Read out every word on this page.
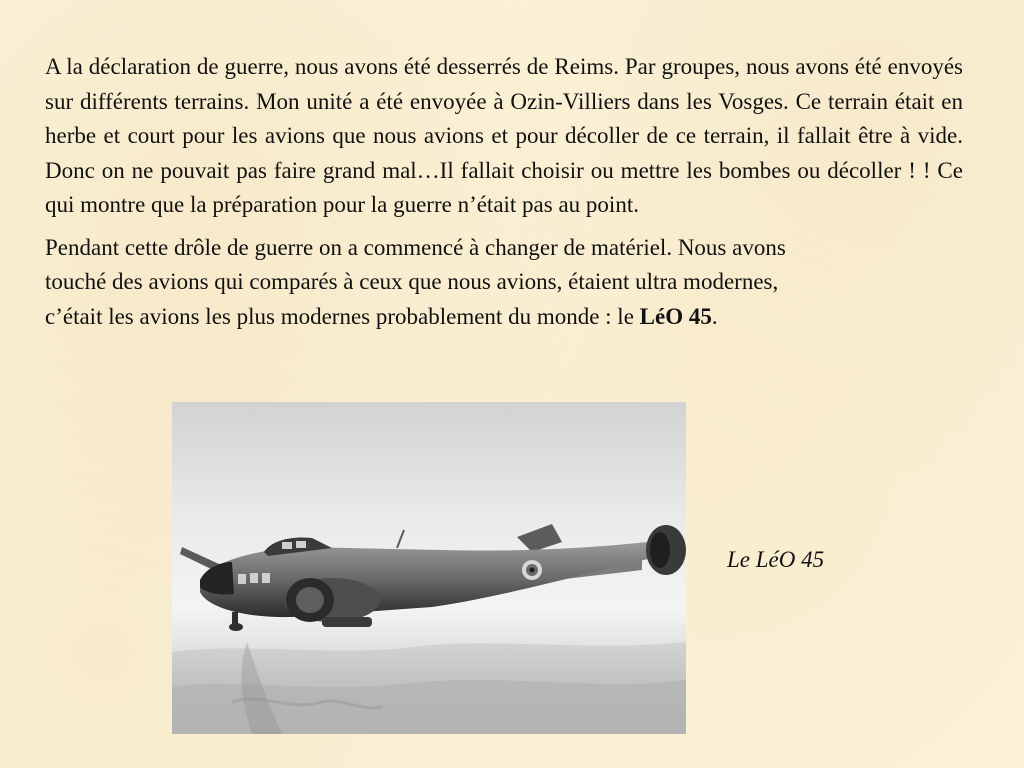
A la déclaration de guerre, nous avons été desserrés de Reims. Par groupes, nous avons été envoyés sur différents terrains. Mon unité a été envoyée à Ozin-Villiers dans les Vosges. Ce terrain était en herbe et court pour les avions que nous avions et pour décoller de ce terrain, il fallait être à vide. Donc on ne pouvait pas faire grand mal…Il fallait choisir ou mettre les bombes ou décoller ! ! Ce qui montre que la préparation pour la guerre n’était pas au point.

Pendant cette drôle de guerre on a commencé à changer de matériel. Nous avons
touché des avions qui comparés à ceux que nous avions, étaient ultra modernes,
c’était les avions les plus modernes probablement du monde : le LéO 45.

Le LéO 45
